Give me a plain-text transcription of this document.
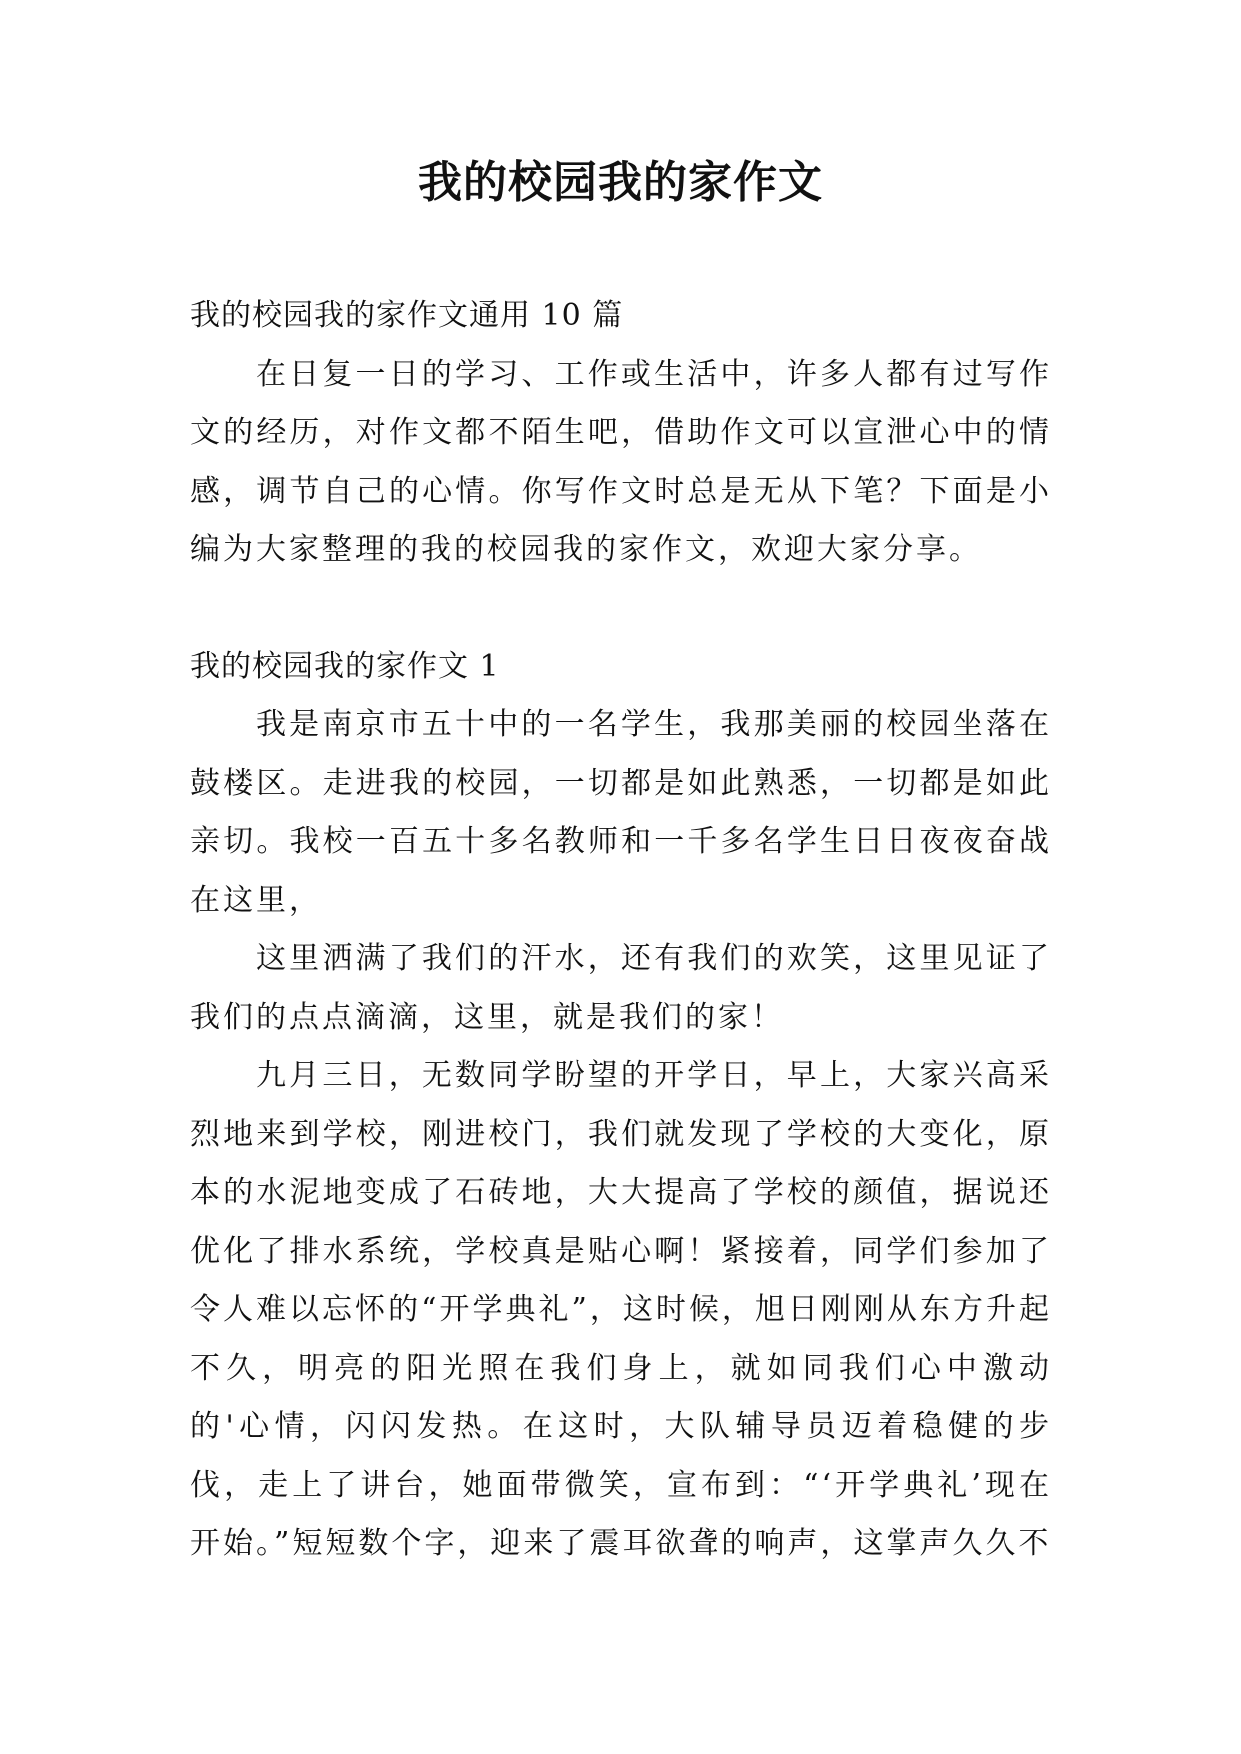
我的校园我的家作文

我的校园我的家作文通用 10 篇

在日复一日的学习、工作或生活中，许多人都有过写作文的经历，对作文都不陌生吧，借助作文可以宣泄心中的情感，调节自己的心情。你写作文时总是无从下笔？下面是小编为大家整理的我的校园我的家作文，欢迎大家分享。

我的校园我的家作文 1

我是南京市五十中的一名学生，我那美丽的校园坐落在鼓楼区。走进我的校园，一切都是如此熟悉，一切都是如此亲切。我校一百五十多名教师和一千多名学生日日夜夜奋战在这里，

这里洒满了我们的汗水，还有我们的欢笑，这里见证了我们的点点滴滴，这里，就是我们的家！

九月三日，无数同学盼望的开学日，早上，大家兴高采烈地来到学校，刚进校门，我们就发现了学校的大变化，原本的水泥地变成了石砖地，大大提高了学校的颜值，据说还优化了排水系统，学校真是贴心啊！紧接着，同学们参加了令人难以忘怀的“开学典礼”，这时候，旭日刚刚从东方升起不久，明亮的阳光照在我们身上，就如同我们心中激动的'心情，闪闪发热。在这时，大队辅导员迈着稳健的步伐，走上了讲台，她面带微笑，宣布到：“‘开学典礼’现在开始。”短短数个字，迎来了震耳欲聋的响声，这掌声久久不
